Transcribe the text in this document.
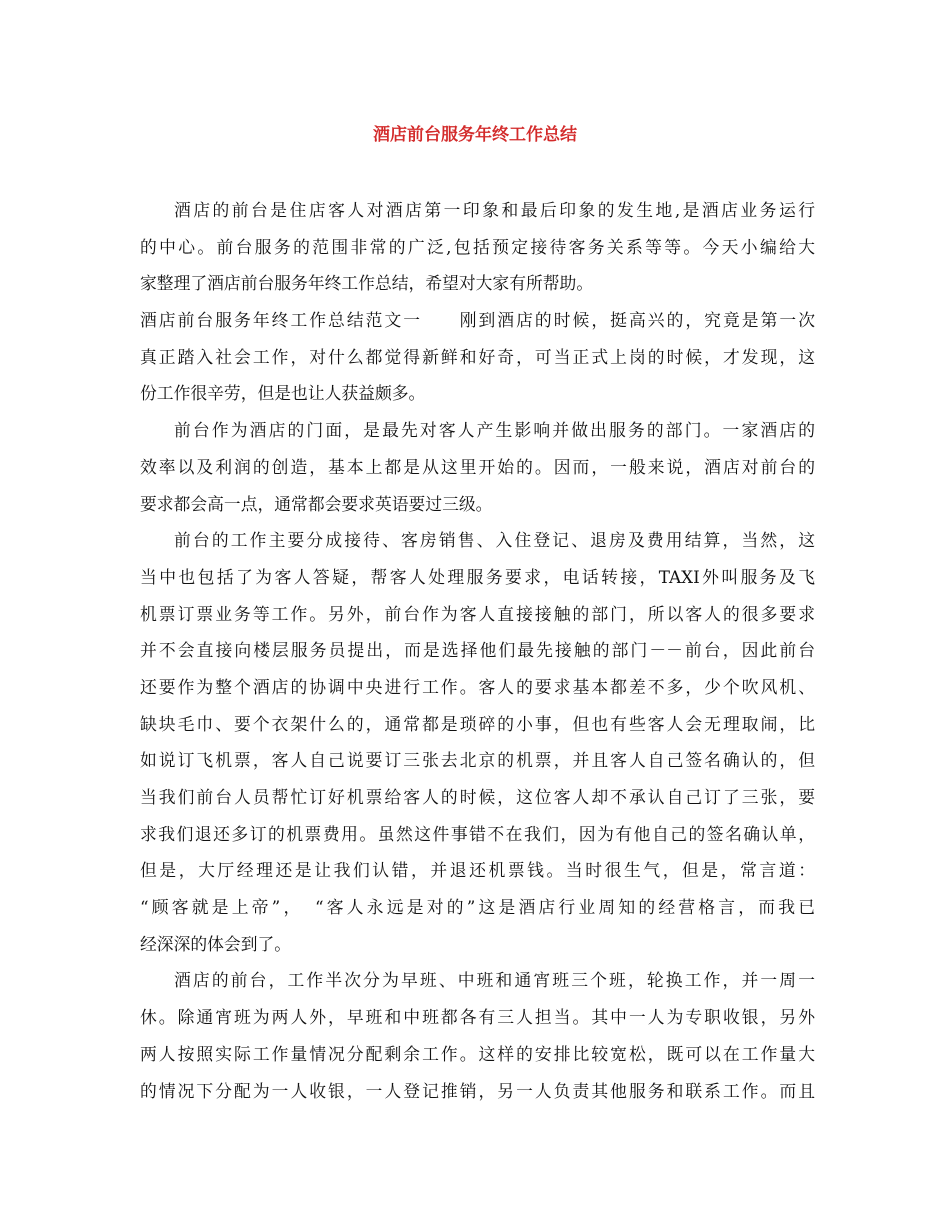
酒店前台服务年终工作总结
酒店的前台是住店客人对酒店第一印象和最后印象的发生地,是酒店业务运行
的中心。前台服务的范围非常的广泛,包括预定接待客务关系等等。今天小编给大
家整理了酒店前台服务年终工作总结，希望对大家有所帮助。
酒店前台服务年终工作总结范文一　　刚到酒店的时候，挺高兴的，究竟是第一次
真正踏入社会工作，对什么都觉得新鲜和好奇，可当正式上岗的时候，才发现，这
份工作很辛劳，但是也让人获益颇多。
前台作为酒店的门面，是最先对客人产生影响并做出服务的部门。一家酒店的
效率以及利润的创造，基本上都是从这里开始的。因而，一般来说，酒店对前台的
要求都会高一点，通常都会要求英语要过三级。
前台的工作主要分成接待、客房销售、入住登记、退房及费用结算，当然，这
当中也包括了为客人答疑，帮客人处理服务要求，电话转接，TAXI外叫服务及飞
机票订票业务等工作。另外，前台作为客人直接接触的部门，所以客人的很多要求
并不会直接向楼层服务员提出，而是选择他们最先接触的部门－－前台，因此前台
还要作为整个酒店的协调中央进行工作。客人的要求基本都差不多，少个吹风机、
缺块毛巾、要个衣架什么的，通常都是琐碎的小事，但也有些客人会无理取闹，比
如说订飞机票，客人自己说要订三张去北京的机票，并且客人自己签名确认的，但
当我们前台人员帮忙订好机票给客人的时候，这位客人却不承认自己订了三张，要
求我们退还多订的机票费用。虽然这件事错不在我们，因为有他自己的签名确认单，
但是，大厅经理还是让我们认错，并退还机票钱。当时很生气，但是，常言道：
“顾客就是上帝”，　“客人永远是对的”这是酒店行业周知的经营格言，而我已
经深深的体会到了。
酒店的前台，工作半次分为早班、中班和通宵班三个班，轮换工作，并一周一
休。除通宵班为两人外，早班和中班都各有三人担当。其中一人为专职收银，另外
两人按照实际工作量情况分配剩余工作。这样的安排比较宽松，既可以在工作量大
的情况下分配为一人收银，一人登记推销，另一人负责其他服务和联系工作。而且
